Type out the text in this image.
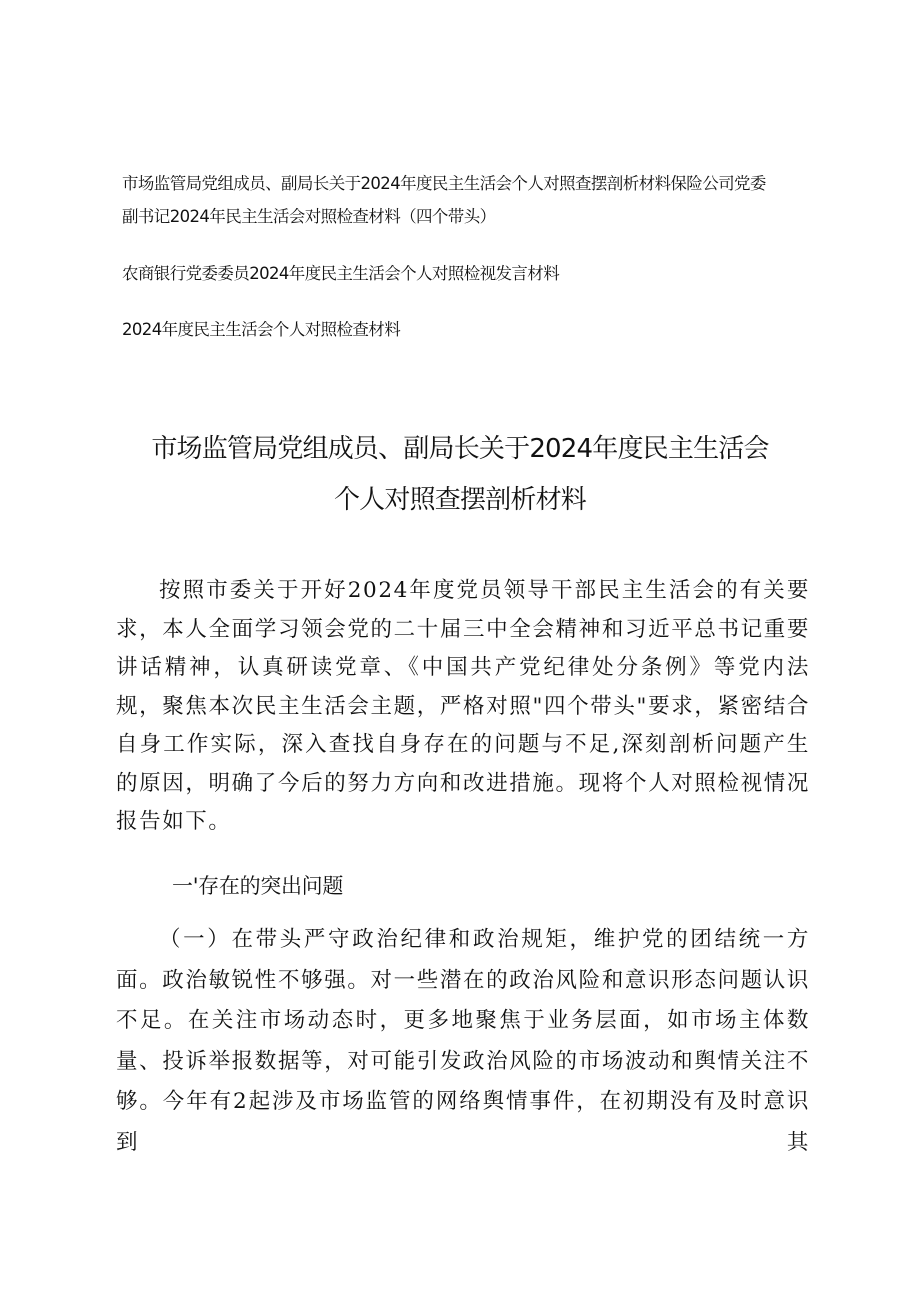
市场监管局党组成员、副局长关于2024年度民主生活会个人对照查摆剖析材料保险公司党委
副书记2024年民主生活会对照检查材料（四个带头）
农商银行党委委员2024年度民主生活会个人对照检视发言材料
2024年度民主生活会个人对照检查材料
市场监管局党组成员、副局长关于2024年度民主生活会
个人对照查摆剖析材料

按照市委关于开好2024年度党员领导干部民主生活会的有关要求，本人全面学习领会党的二十届三中全会精神和习近平总书记重要讲话精神，认真研读党章、《中国共产党纪律处分条例》等党内法规，聚焦本次民主生活会主题，严格对照"四个带头"要求，紧密结合自身工作实际，深入查找自身存在的问题与不足,深刻剖析问题产生的原因，明确了今后的努力方向和改进措施。现将个人对照检视情况报告如下。

一'存在的突出问题

（一）在带头严守政治纪律和政治规矩，维护党的团结统一方面。政治敏锐性不够强。对一些潜在的政治风险和意识形态问题认识不足。在关注市场动态时，更多地聚焦于业务层面，如市场主体数量、投诉举报数据等，对可能引发政治风险的市场波动和舆情关注不够。今年有2起涉及市场监管的网络舆情事件，在初期没有及时意识到其
